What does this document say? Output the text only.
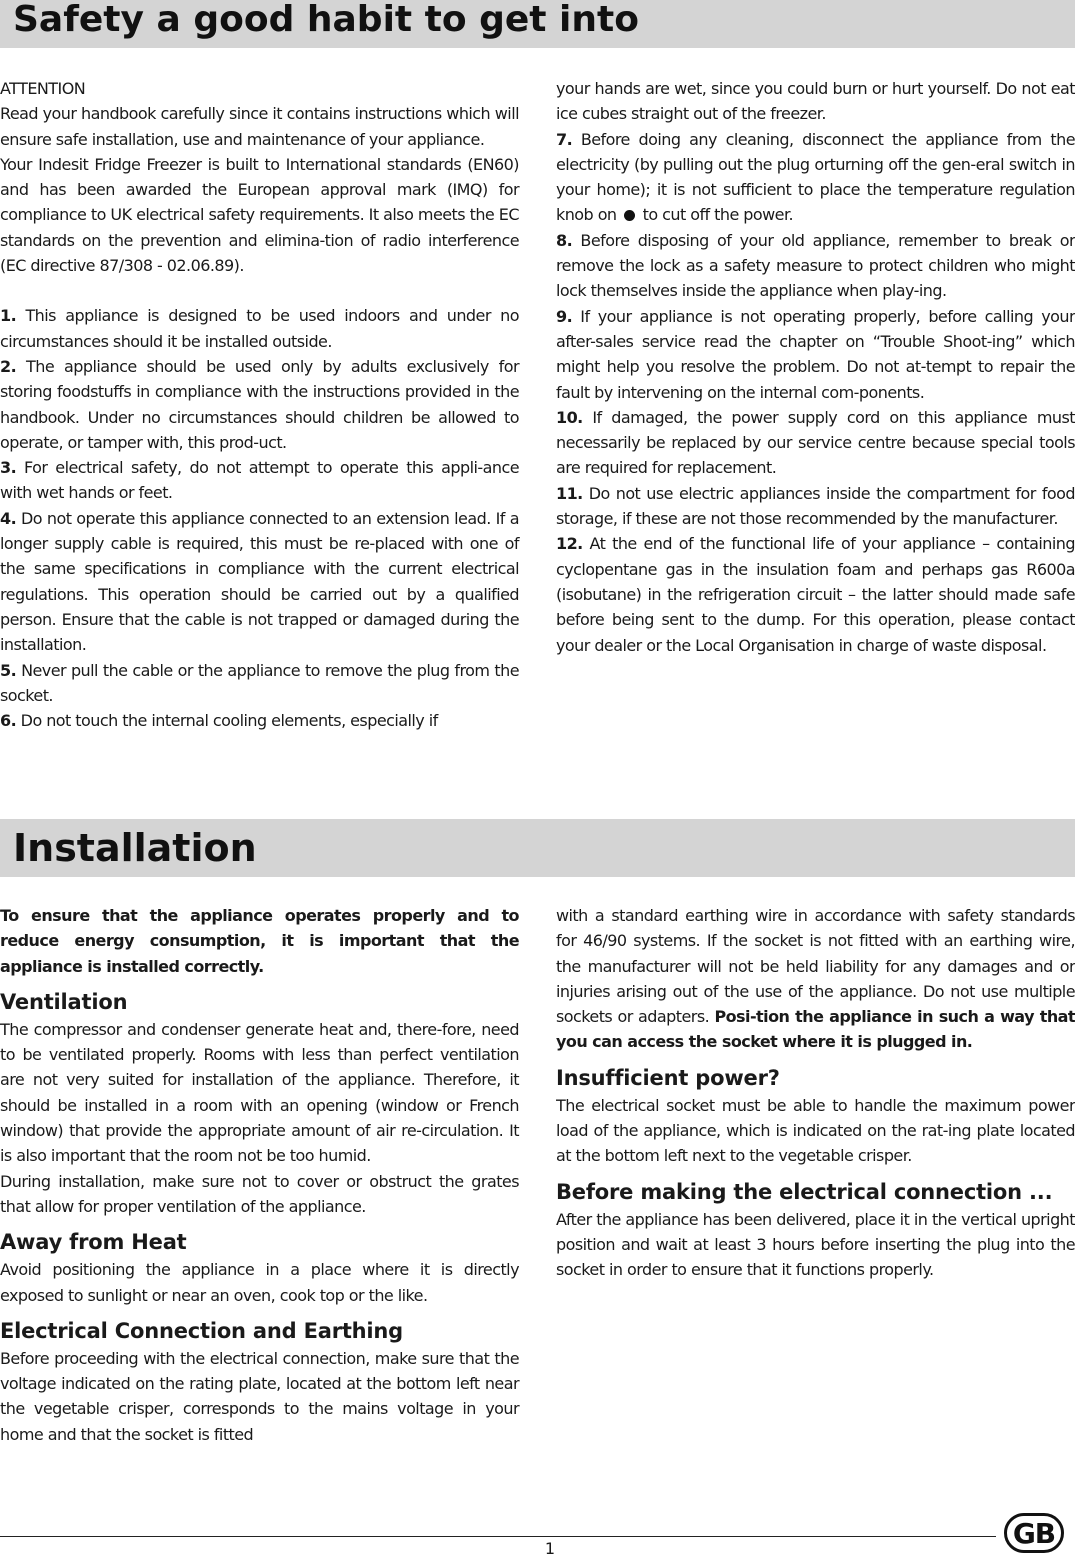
Safety a good habit to get into

ATTENTION

Read your handbook carefully since it contains instructions which will ensure safe installation, use and maintenance of your appliance.

Your Indesit Fridge Freezer is built to International standards (EN60) and has been awarded the European approval mark (IMQ) for compliance to UK electrical safety requirements. It also meets the EC standards on the prevention and elimina-tion of radio interference (EC directive 87/308 - 02.06.89).

1. This appliance is designed to be used indoors and under no circumstances should it be installed outside.

2. The appliance should be used only by adults exclusively for storing foodstuffs in compliance with the instructions provided in the handbook. Under no circumstances should children be allowed to operate, or tamper with, this prod-uct.

3. For electrical safety, do not attempt to operate this appli-ance with wet hands or feet.

4. Do not operate this appliance connected to an extension lead. If a longer supply cable is required, this must be re-placed with one of the same specifications in compliance with the current electrical regulations. This operation should be carried out by a qualified person. Ensure that the cable is not trapped or damaged during the installation.

5. Never pull the cable or the appliance to remove the plug from the socket.

6. Do not touch the internal cooling elements, especially if

your hands are wet, since you could burn or hurt yourself. Do not eat ice cubes straight out of the freezer.

7. Before doing any cleaning, disconnect the appliance from the electricity (by pulling out the plug orturning off the gen-eral switch in your home); it is not sufficient to place the temperature regulation knob on to cut off the power.

8. Before disposing of your old appliance, remember to break or remove the lock as a safety measure to protect children who might lock themselves inside the appliance when play-ing.

9. If your appliance is not operating properly, before calling your after-sales service read the chapter on “Trouble Shoot-ing” which might help you resolve the problem. Do not at-tempt to repair the fault by intervening on the internal com-ponents.

10. If damaged, the power supply cord on this appliance must necessarily be replaced by our service centre because special tools are required for replacement.

11. Do not use electric appliances inside the compartment for food storage, if these are not those recommended by the manufacturer.

12. At the end of the functional life of your appliance – containing cyclopentane gas in the insulation foam and perhaps gas R600a (isobutane) in the refrigeration circuit – the latter should made safe before being sent to the dump. For this operation, please contact your dealer or the Local Organisation in charge of waste disposal.

Installation

To ensure that the appliance operates properly and to reduce energy consumption, it is important that the appliance is installed correctly.

Ventilation

The compressor and condenser generate heat and, there-fore, need to be ventilated properly. Rooms with less than perfect ventilation are not very suited for installation of the appliance. Therefore, it should be installed in a room with an opening (window or French window) that provide the appropriate amount of air re-circulation. It is also important that the room not be too humid.

During installation, make sure not to cover or obstruct the grates that allow for proper ventilation of the appliance.

Away from Heat

Avoid positioning the appliance in a place where it is directly exposed to sunlight or near an oven, cook top or the like.

Electrical Connection and Earthing

Before proceeding with the electrical connection, make sure that the voltage indicated on the rating plate, located at the bottom left near the vegetable crisper, corresponds to the mains voltage in your home and that the socket is fitted

with a standard earthing wire in accordance with safety standards for 46/90 systems. If the socket is not fitted with an earthing wire, the manufacturer will not be held liability for any damages and or injuries arising out of the use of the appliance. Do not use multiple sockets or adapters. Posi-tion the appliance in such a way that you can access the socket where it is plugged in.

Insufficient power?

The electrical socket must be able to handle the maximum power load of the appliance, which is indicated on the rat-ing plate located at the bottom left next to the vegetable crisper.

Before making the electrical connection ...

After the appliance has been delivered, place it in the vertical upright position and wait at least 3 hours before inserting the plug into the socket in order to ensure that it functions properly.

1	GB
